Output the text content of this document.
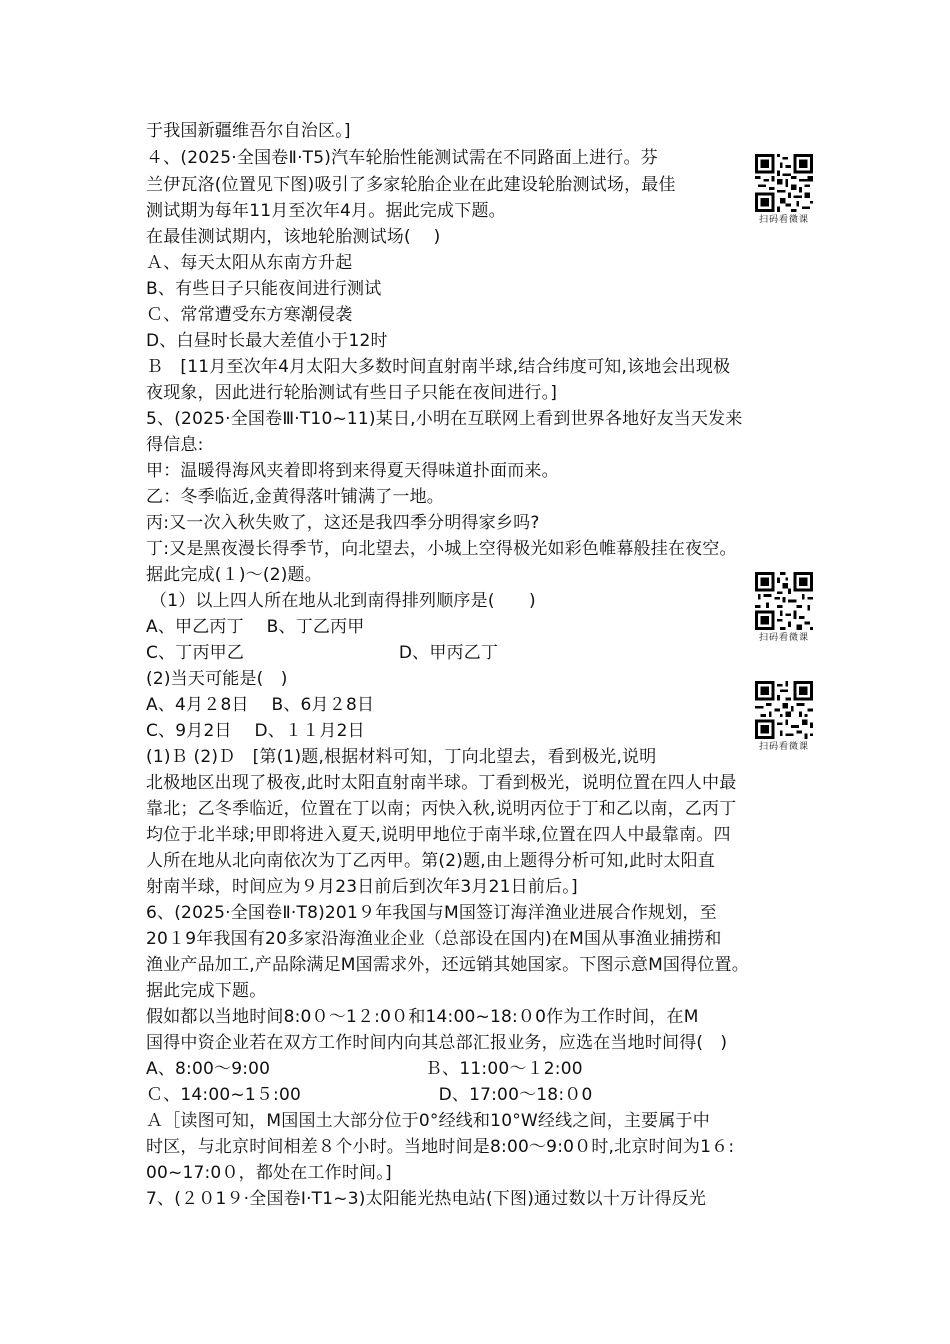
于我国新疆维吾尔自治区。]
４、(2025·全国卷Ⅱ·T5)汽车轮胎性能测试需在不同路面上进行。芬
兰伊瓦洛(位置见下图)吸引了多家轮胎企业在此建设轮胎测试场，最佳
测试期为每年11月至次年4月。据此完成下题。
在最佳测试期内，该地轮胎测试场(　 )
Ａ、每天太阳从东南方升起
B、有些日子只能夜间进行测试
Ｃ、常常遭受东方寒潮侵袭
D、白昼时长最大差值小于12时
Ｂ　[11月至次年4月太阳大多数时间直射南半球,结合纬度可知,该地会出现极
夜现象，因此进行轮胎测试有些日子只能在夜间进行。]
5、(2025·全国卷Ⅲ·T10~11)某日,小明在互联网上看到世界各地好友当天发来
得信息:
甲：温暖得海风夹着即将到来得夏天得味道扑面而来。
乙：冬季临近,金黄得落叶铺满了一地。
丙:又一次入秋失败了，这还是我四季分明得家乡吗?
丁:又是黑夜漫长得季节，向北望去，小城上空得极光如彩色帷幕般挂在夜空。
据此完成(１)～(2)题。
（1）以上四人所在地从北到南得排列顺序是(　　)
A、甲乙丙丁　 B、丁乙丙甲
C、丁丙甲乙　　　　　　　　　D、甲丙乙丁
(2)当天可能是(　)
A、4月２8日　 B、6月２8日
C、9月2日　 D、１１月2日
(1)Ｂ (2)Ｄ　[第(1)题,根据材料可知，丁向北望去，看到极光,说明
北极地区出现了极夜,此时太阳直射南半球。丁看到极光，说明位置在四人中最
靠北；乙冬季临近，位置在丁以南；丙快入秋,说明丙位于丁和乙以南，乙丙丁
均位于北半球;甲即将进入夏天,说明甲地位于南半球,位置在四人中最靠南。四
人所在地从北向南依次为丁乙丙甲。第(2)题,由上题得分析可知,此时太阳直
射南半球，时间应为９月23日前后到次年3月21日前后。]
6、(2025·全国卷Ⅱ·T8)201９年我国与M国签订海洋渔业进展合作规划，至
20１9年我国有20多家沿海渔业企业（总部设在国内)在M国从事渔业捕捞和
渔业产品加工,产品除满足M国需求外，还远销其她国家。下图示意M国得位置。
据此完成下题。
假如都以当地时间8:0０～1２:0０和14:00~18:０0作为工作时间，在M
国得中资企业若在双方工作时间内向其总部汇报业务，应选在当地时间得(　)
A、8:00～9:00　　　　　　　　　Ｂ、11:00～１2:00
Ｃ、14:00~1５:00　　　　　　　　D、17:00～18:０0
Ａ［读图可知，M国国土大部分位于0°经线和10°W经线之间，主要属于中
时区，与北京时间相差８个小时。当地时间是8:00～9:0０时,北京时间为1６:
00~17:0０，都处在工作时间。]
7、(２０1９·全国卷Ⅰ·T1~3)太阳能光热电站(下图)通过数以十万计得反光
扫码看微课
扫码看微课
扫码看微课
